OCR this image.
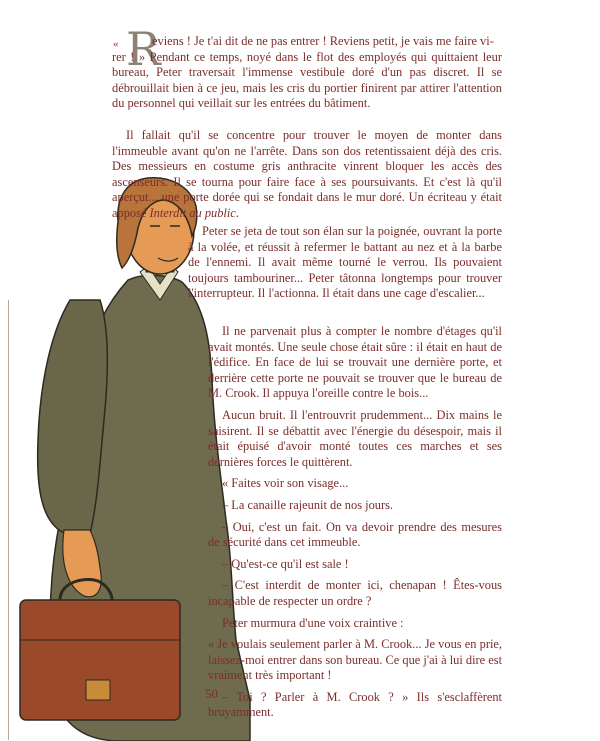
« R
eviens ! Je t'ai dit de ne pas entrer ! Reviens petit, je vais me faire vi-
rer ! » Pendant ce temps, noyé dans le flot des employés qui quittaient leur bureau, Peter traversait l'immense vestibule doré d'un pas discret. Il se débrouillait bien à ce jeu, mais les cris du portier finirent par attirer l'attention du personnel qui veillait sur les entrées du bâtiment.

Il fallait qu'il se concentre pour trouver le moyen de monter dans l'immeuble avant qu'on ne l'arrête. Dans son dos retentissaient déjà des cris. Des messieurs en costume gris anthracite vinrent bloquer les accès des ascenseurs. Il se tourna pour faire face à ses poursuivants. Et c'est là qu'il aperçut... une porte dorée qui se fondait dans le mur doré. Un écriteau y était apposé Interdit au public.

Peter se jeta de tout son élan sur la poignée, ouvrant la porte à la volée, et réussit à refermer le battant au nez et à la barbe de l'ennemi. Il avait même tourné le verrou. Ils pouvaient toujours tambouriner... Peter tâtonna longtemps pour trouver l'interrupteur. Il l'actionna. Il était dans une cage d'escalier...

Il ne parvenait plus à compter le nombre d'étages qu'il avait montés. Une seule chose était sûre : il était en haut de l'édifice. En face de lui se trouvait une dernière porte, et derrière cette porte ne pouvait se trouver que le bureau de M. Crook. Il appuya l'oreille contre le bois...

Aucun bruit. Il l'entrouvrit prudemment... Dix mains le saisirent. Il se débattit avec l'énergie du désespoir, mais il était épuisé d'avoir monté toutes ces marches et ses dernières forces le quittèrent.

« Faites voir son visage...

– La canaille rajeunit de nos jours.

– Oui, c'est un fait. On va devoir prendre des mesures de sécurité dans cet immeuble.

– Qu'est-ce qu'il est sale !

– C'est interdit de monter ici, chenapan ! Êtes-vous incapable de respecter un ordre ?

Peter murmura d'une voix craintive :

« Je voulais seulement parler à M. Crook... Je vous en prie, laissez-moi entrer dans son bureau. Ce que j'ai à lui dire est vraiment très important !

– Toi ? Parler à M. Crook ? » Ils s'esclaffèrent bruyamment.

50
